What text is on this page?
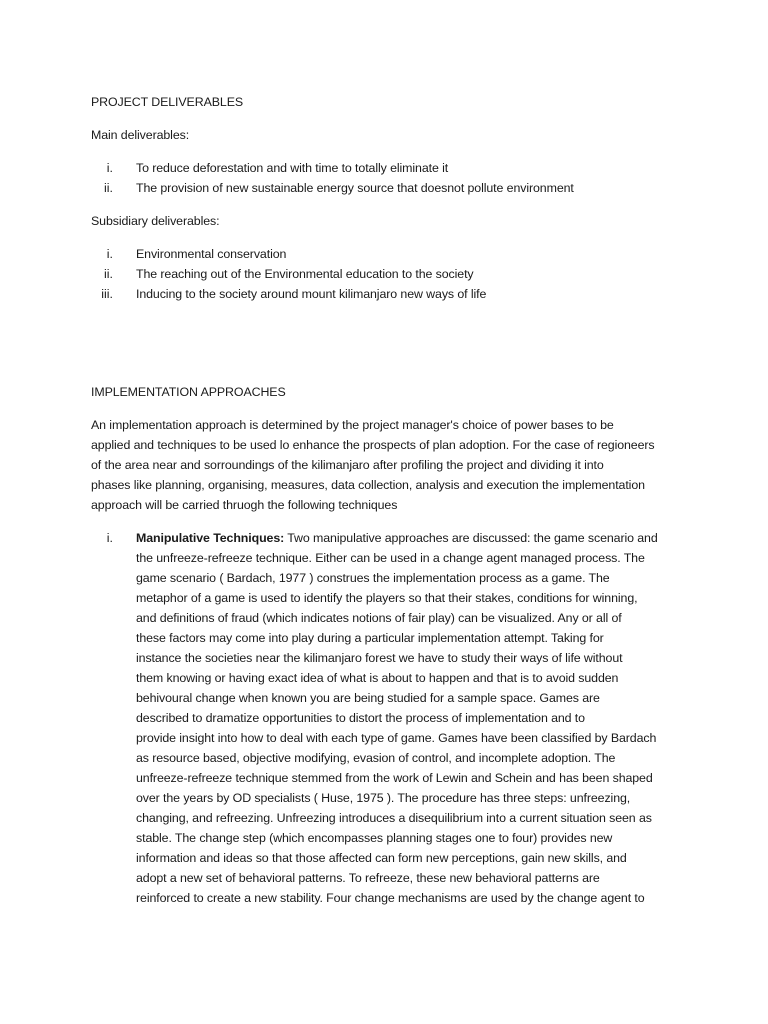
PROJECT DELIVERABLES
Main deliverables:
i. To reduce deforestation and with time to totally eliminate it
ii. The provision of new sustainable energy source that doesnot pollute environment
Subsidiary deliverables:
i. Environmental conservation
ii. The reaching out of the Environmental education to the society
iii. Inducing to the society around mount kilimanjaro new ways of life
IMPLEMENTATION APPROACHES
An implementation approach is determined by the project manager's choice of power bases to be
applied and techniques to be used lo enhance the prospects of plan adoption. For the case of regioneers
of the area near and sorroundings of the kilimanjaro after profiling the project and dividing it into
phases like planning, organising, measures, data collection, analysis and execution the implementation
approach will be carried thruogh the following techniques
i. Manipulative Techniques: Two manipulative approaches are discussed: the game scenario and
the unfreeze-refreeze technique. Either can be used in a change agent managed process. The
game scenario ( Bardach, 1977 ) construes the implementation process as a game. The
metaphor of a game is used to identify the players so that their stakes, conditions for winning,
and definitions of fraud (which indicates notions of fair play) can be visualized. Any or all of
these factors may come into play during a particular implementation attempt. Taking for
instance the societies near the kilimanjaro forest we have to study their ways of life without
them knowing or having exact idea of what is about to happen and that is to avoid sudden
behivoural change when known you are being studied for a sample space. Games are
described to dramatize opportunities to distort the process of implementation and to
provide insight into how to deal with each type of game. Games have been classified by Bardach
as resource based, objective modifying, evasion of control, and incomplete adoption. The
unfreeze-refreeze technique stemmed from the work of Lewin and Schein and has been shaped
over the years by OD specialists ( Huse, 1975 ). The procedure has three steps: unfreezing,
changing, and refreezing. Unfreezing introduces a disequilibrium into a current situation seen as
stable. The change step (which encompasses planning stages one to four) provides new
information and ideas so that those affected can form new perceptions, gain new skills, and
adopt a new set of behavioral patterns. To refreeze, these new behavioral patterns are
reinforced to create a new stability. Four change mechanisms are used by the change agent to
